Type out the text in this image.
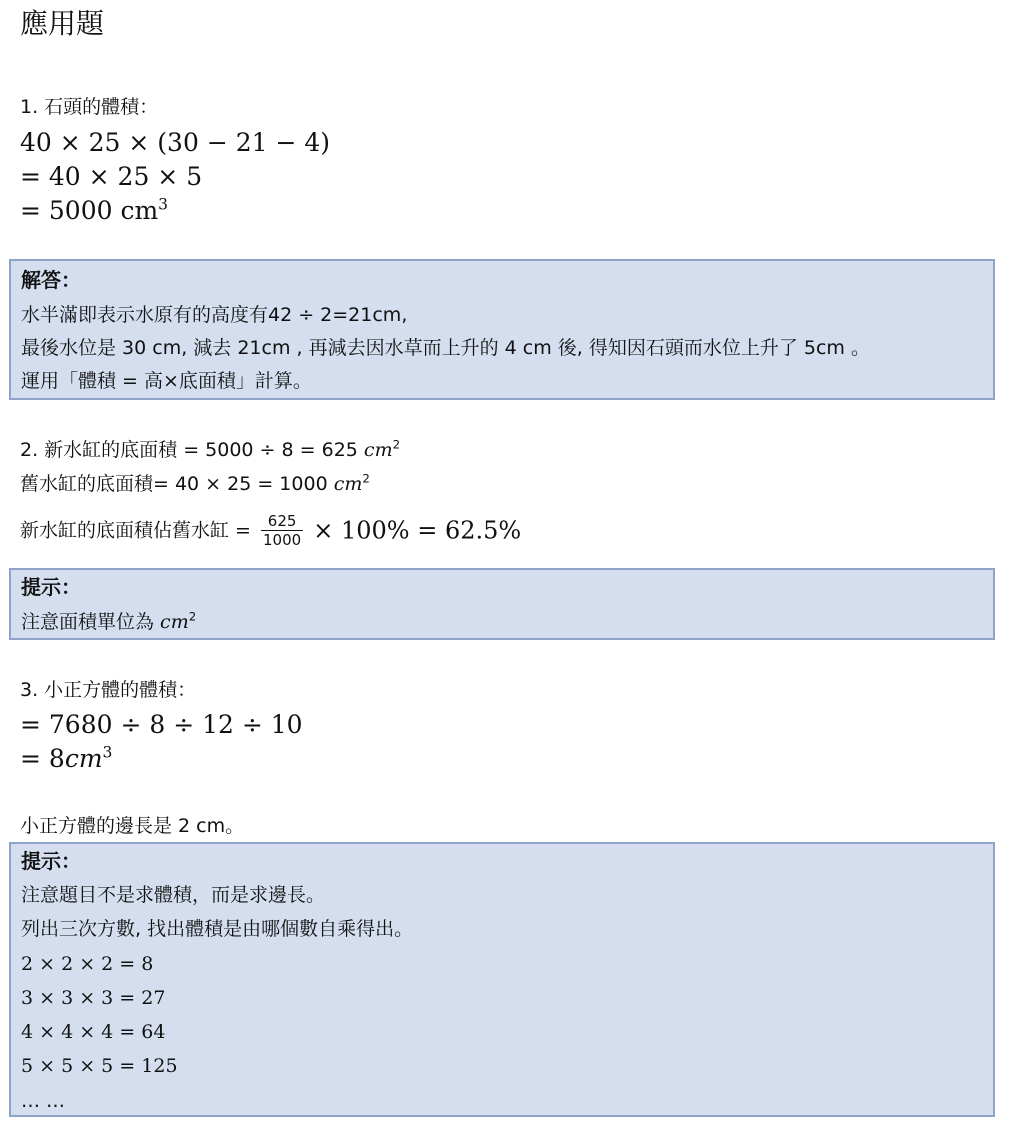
應用題
1. 石頭的體積：
40 × 25 × (30 − 21 − 4)
= 40 × 25 × 5
= 5000 $cm^3$
解答：
水半滿即表示水原有的高度有42 ÷ 2=21cm,
最後水位是 30 cm, 減去 21cm , 再減去因水草而上升的 4 cm 後, 得知因石頭而水位上升了 5cm 。
運用「體積 = 高×底面積」計算。
2. 新水缸的底面積 = 5000 ÷ 8 = 625 $cm^2$
舊水缸的底面積= 40 × 25 = 1000 $cm^2$
新水缸的底面積佔舊水缸 = $\frac{625}{1000} \times 100\% = 62.5\%$
提示：
注意面積單位為 $cm^2$
3. 小正方體的體積：
= 7680 ÷ 8 ÷ 12 ÷ 10
= $8cm^3$
小正方體的邊長是 2 cm。
提示：
注意題目不是求體積，而是求邊長。
列出三次方數, 找出體積是由哪個數自乘得出。
2 × 2 × 2 = 8
3 × 3 × 3 = 27
4 × 4 × 4 = 64
5 × 5 × 5 = 125
… …
